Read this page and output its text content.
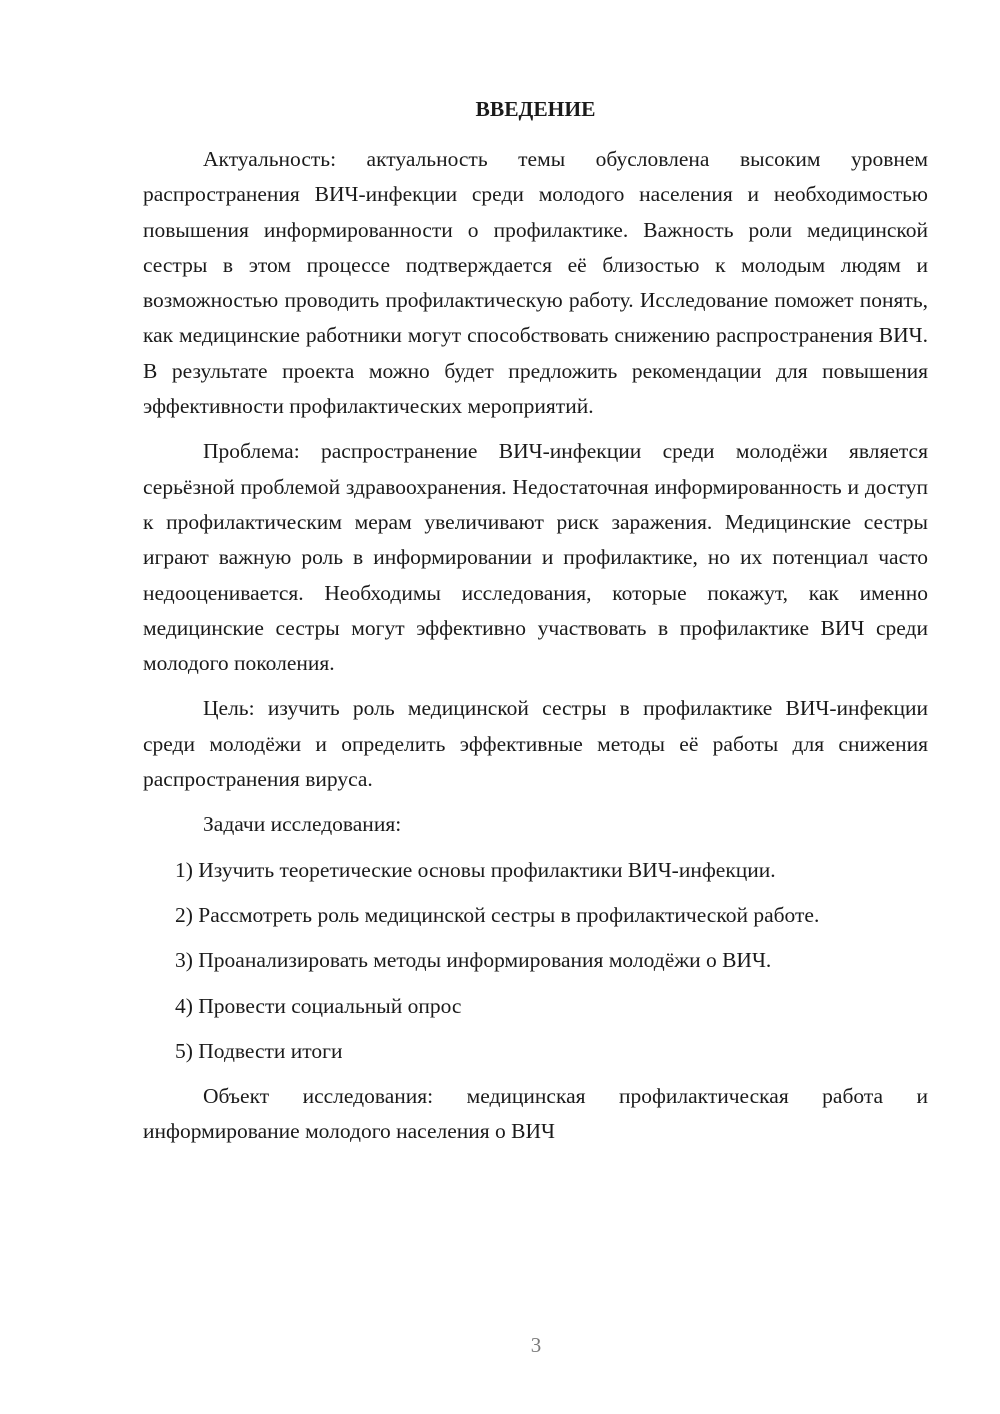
ВВЕДЕНИЕ

Актуальность: актуальность темы обусловлена высоким уровнем распространения ВИЧ-инфекции среди молодого населения и необходимостью повышения информированности о профилактике. Важность роли медицинской сестры в этом процессе подтверждается её близостью к молодым людям и возможностью проводить профилактическую работу. Исследование поможет понять, как медицинские работники могут способствовать снижению распространения ВИЧ. В результате проекта можно будет предложить рекомендации для повышения эффективности профилактических мероприятий.

Проблема: распространение ВИЧ-инфекции среди молодёжи является серьёзной проблемой здравоохранения. Недостаточная информированность и доступ к профилактическим мерам увеличивают риск заражения. Медицинские сестры играют важную роль в информировании и профилактике, но их потенциал часто недооценивается. Необходимы исследования, которые покажут, как именно медицинские сестры могут эффективно участвовать в профилактике ВИЧ среди молодого поколения.

Цель: изучить роль медицинской сестры в профилактике ВИЧ-инфекции среди молодёжи и определить эффективные методы её работы для снижения распространения вируса.

Задачи исследования:
1) Изучить теоретические основы профилактики ВИЧ-инфекции.
2) Рассмотреть роль медицинской сестры в профилактической работе.
3) Проанализировать методы информирования молодёжи о ВИЧ.
4) Провести социальный опрос
5) Подвести итоги

Объект исследования: медицинская профилактическая работа и информирование молодого населения о ВИЧ

3
